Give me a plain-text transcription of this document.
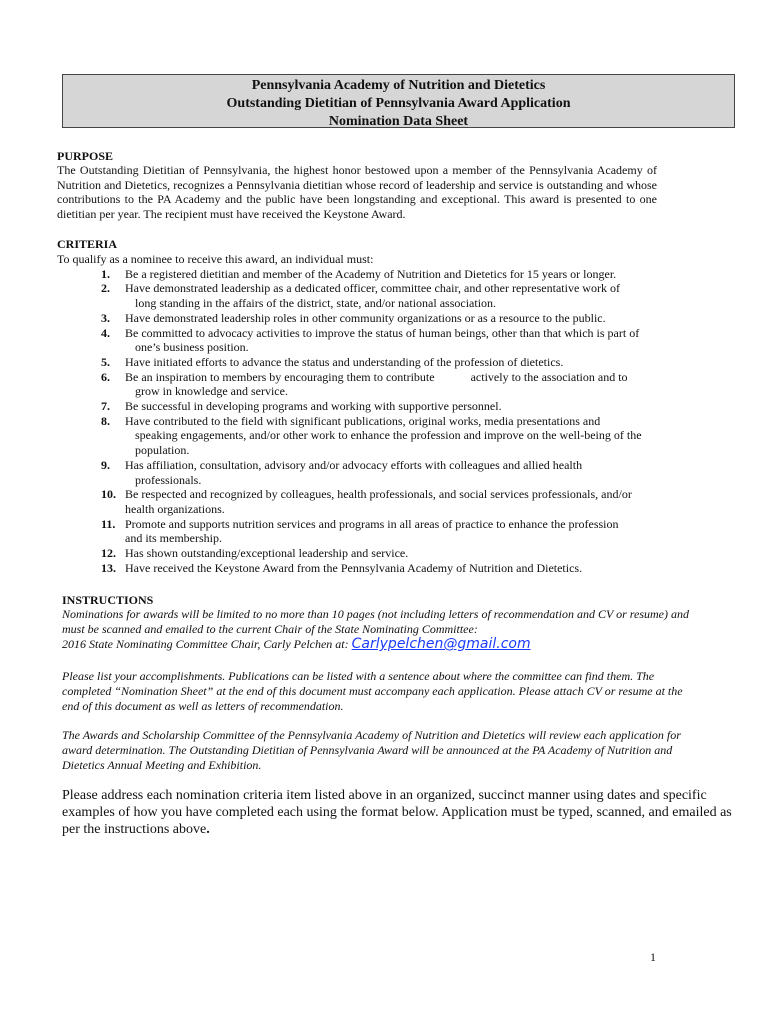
Pennsylvania Academy of Nutrition and Dietetics
Outstanding Dietitian of Pennsylvania Award Application
Nomination Data Sheet
PURPOSE
The Outstanding Dietitian of Pennsylvania, the highest honor bestowed upon a member of the Pennsylvania Academy of Nutrition and Dietetics, recognizes a Pennsylvania dietitian whose record of leadership and service is outstanding and whose contributions to the PA Academy and the public have been longstanding and exceptional. This award is presented to one dietitian per year. The recipient must have received the Keystone Award.
CRITERIA
To qualify as a nominee to receive this award, an individual must:
1. Be a registered dietitian and member of the Academy of Nutrition and Dietetics for 15 years or longer.
2. Have demonstrated leadership as a dedicated officer, committee chair, and other representative work of
long standing in the affairs of the district, state, and/or national association.
3. Have demonstrated leadership roles in other community organizations or as a resource to the public.
4. Be committed to advocacy activities to improve the status of human beings, other than that which is part of
one’s business position.
5. Have initiated efforts to advance the status and understanding of the profession of dietetics.
6. Be an inspiration to members by encouraging them to contribute            actively to the association and to
grow in knowledge and service.
7. Be successful in developing programs and working with supportive personnel.
8. Have contributed to the field with significant publications, original works, media presentations and
speaking engagements, and/or other work to enhance the profession and improve on the well-being of the
population.
9. Has affiliation, consultation, advisory and/or advocacy efforts with colleagues and allied health
professionals.
10. Be respected and recognized by colleagues, health professionals, and social services professionals, and/or
health organizations.
11. Promote and supports nutrition services and programs in all areas of practice to enhance the profession
and its membership.
12. Has shown outstanding/exceptional leadership and service.
13. Have received the Keystone Award from the Pennsylvania Academy of Nutrition and Dietetics.
INSTRUCTIONS
Nominations for awards will be limited to no more than 10 pages (not including letters of recommendation and CV or resume) and
must be scanned and emailed to the current Chair of the State Nominating Committee:
2016 State Nominating Committee Chair, Carly Pelchen at: Carlypelchen@gmail.com
Please list your accomplishments. Publications can be listed with a sentence about where the committee can find them. The
completed “Nomination Sheet” at the end of this document must accompany each application. Please attach CV or resume at the
end of this document as well as letters of recommendation.
The Awards and Scholarship Committee of the Pennsylvania Academy of Nutrition and Dietetics will review each application for
award determination. The Outstanding Dietitian of Pennsylvania Award will be announced at the PA Academy of Nutrition and
Dietetics Annual Meeting and Exhibition.
Please address each nomination criteria item listed above in an organized, succinct manner using dates and specific
examples of how you have completed each using the format below. Application must be typed, scanned, and emailed as
per the instructions above.
1
